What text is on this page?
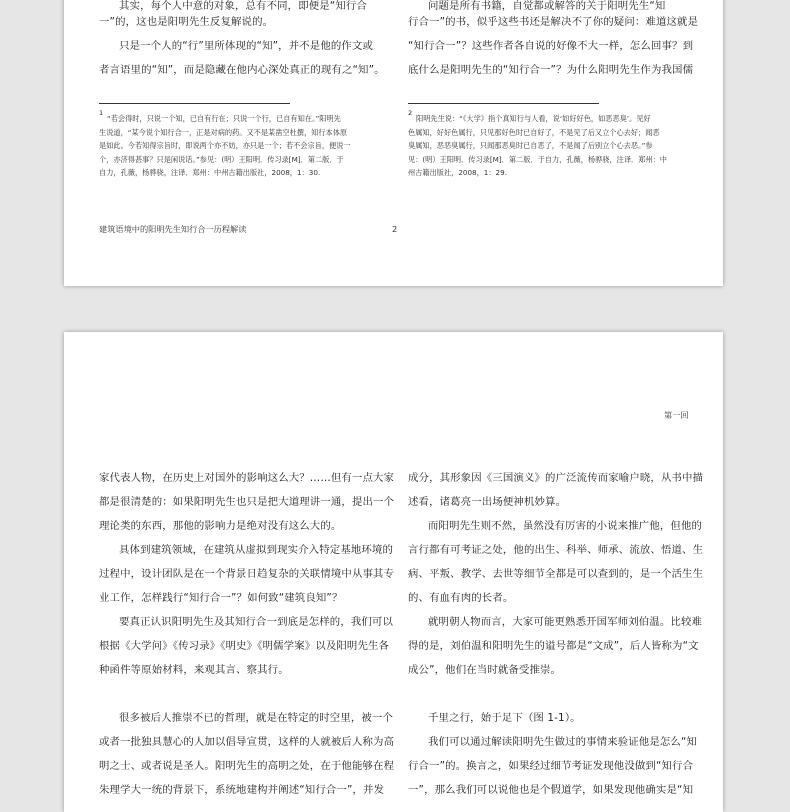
其实，每个人中意的对象，总有不同，即便是“知行合
一”的，这也是阳明先生反复解说的。
只是一个人的“行”里所体现的“知”，并不是他的作文或
者言语里的“知”，而是隐藏在他内心深处真正的现有之“知”。
1
“若会得时，只说一个知，已自有行在；只说一个行，已自有知在。”阳明先
生说道，“某今说个知行合一，正是对病的药。又不是某凿空杜撰，知行本体原
是如此。今若知得宗旨时，即说两个亦不妨，亦只是一个；若不会宗旨，便说一
个，亦济得甚事？只是闲说话。”参见：(明）王阳明．传习录[M]．第二版．于
自力，孔薇，杨骅骁，注译．郑州：中州古籍出版社，2008，1：30.
问题是所有书籍，自觉都或解答的关于阳明先生“知
行合一”的书，似乎这些书还是解决不了你的疑问：难道这就是
“知行合一”？这些作者各自说的好像不大一样，怎么回事？到
底什么是阳明先生的“知行合一”？为什么阳明先生作为我国儒
2
阳明先生说：“《大学》指个真知行与人看，说‘如好好色，如恶恶臭’。见好
色属知，好好色属行，只见那好色时已自好了，不是见了后又立个心去好；闻恶
臭属知，恶恶臭属行，只闻那恶臭时已自恶了，不是闻了后别立个心去恶。”参
见：(明）王阳明．传习录[M]．第二版．于自力，孔薇，杨骅骁，注译．郑州：中
州古籍出版社，2008，1：29.
建筑语境中的阳明先生知行合一历程解读	2
第一回
家代表人物，在历史上对国外的影响这么大？……但有一点大家
都是很清楚的：如果阳明先生也只是把大道理讲一通，提出一个
理论类的东西，那他的影响力是绝对没有这么大的。
具体到建筑领域，在建筑从虚拟到现实介入特定基地环境的
过程中，设计团队是在一个背景日趋复杂的关联情境中从事其专
业工作，怎样践行“知行合一”？如何致“建筑良知”？
要真正认识阳明先生及其知行合一到底是怎样的，我们可以
根据《大学问》《传习录》《明史》《明儒学案》以及阳明先生各
种函件等原始材料，来观其言、察其行。
很多被后人推崇不已的哲理，就是在特定的时空里，被一个
或者一批独具慧心的人加以倡导宣贯，这样的人就被后人称为高
明之士、或者说是圣人。阳明先生的高明之处，在于他能够在程
朱理学大一统的背景下，系统地建构并阐述“知行合一”，并发
成分，其形象因《三国演义》的广泛流传而家喻户晓，从书中描
述看，诸葛亮一出场便神机妙算。
而阳明先生则不然，虽然没有厉害的小说来推广他，但他的
言行都有可考证之处，他的出生、科举、师承、流放、悟道、生
病、平叛、教学、去世等细节全都是可以查到的，是一个活生生
的、有血有肉的长者。
就明朝人物而言，大家可能更熟悉开国军师刘伯温。比较难
得的是，刘伯温和阳明先生的谥号都是“文成”，后人皆称为“文
成公”，他们在当时就备受推崇。
千里之行，始于足下（图 1-1）。
我们可以通过解读阳明先生做过的事情来验证他是怎么“知
行合一”的。换言之，如果经过细节考证发现他没做到“知行合
一”，那么我们可以说他也是个假道学，如果发现他确实是“知
